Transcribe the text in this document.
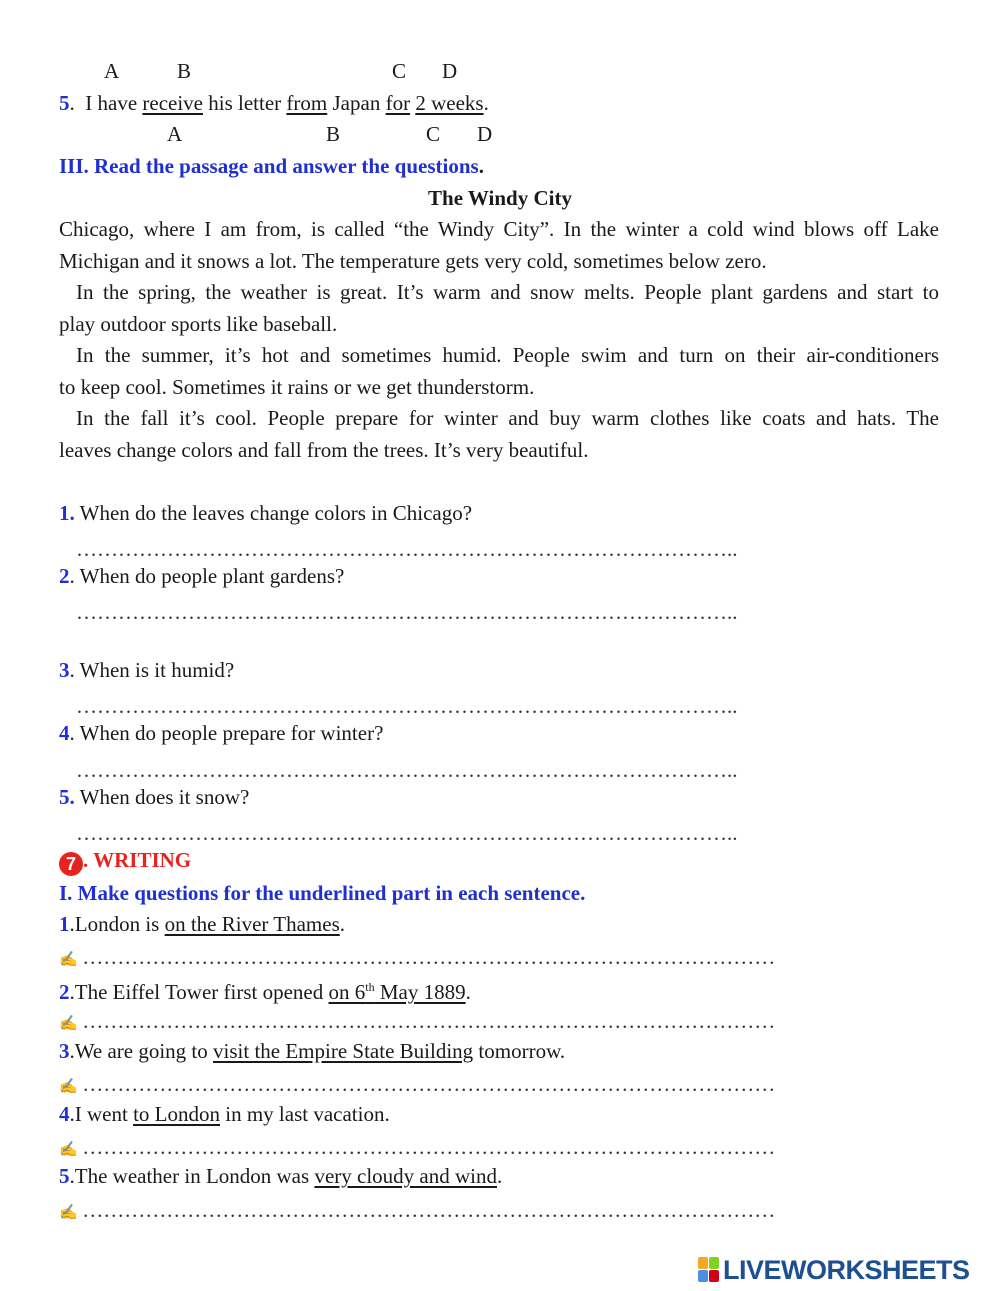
A	B	C D
5.  I have receive his letter from Japan for 2 weeks.
A	B	C D
III. Read the passage and answer the questions.
The Windy City
Chicago, where I am from, is called “the Windy City”. In the winter a cold wind blows off Lake
Michigan and it snows a lot. The temperature gets very cold, sometimes below zero.
In the spring, the weather is great. It’s warm and snow melts. People plant gardens and start to
play outdoor sports like baseball.
In the summer, it’s hot and sometimes humid. People swim and turn on their air-conditioners
to keep cool. Sometimes it rains or we get thunderstorm.
In the fall it’s cool. People prepare for winter and buy warm clothes like coats and hats. The
leaves change colors and fall from the trees. It’s very beautiful.
1. When do the leaves change colors in Chicago?
…………………………………………………………………………………..
2. When do people plant gardens?
…………………………………………………………………………………..
3. When is it humid?
…………………………………………………………………………………..
4. When do people prepare for winter?
…………………………………………………………………………………..
5. When does it snow?
…………………………………………………………………………………..
7 . WRITING
I. Make questions for the underlined part in each sentence.
1.London is on the River Thames.
✍ ………………………………………………………………………………………
2.The Eiffel Tower first opened on 6th May 1889.
✍ ………………………………………………………………………………………
3.We are going to visit the Empire State Building tomorrow.
✍ ………………………………………………………………………………………
4.I went to London in my last vacation.
✍ ………………………………………………………………………………………
5.The weather in London was very cloudy and wind.
✍ ………………………………………………………………………………………
LIVEWORKSHEETS
